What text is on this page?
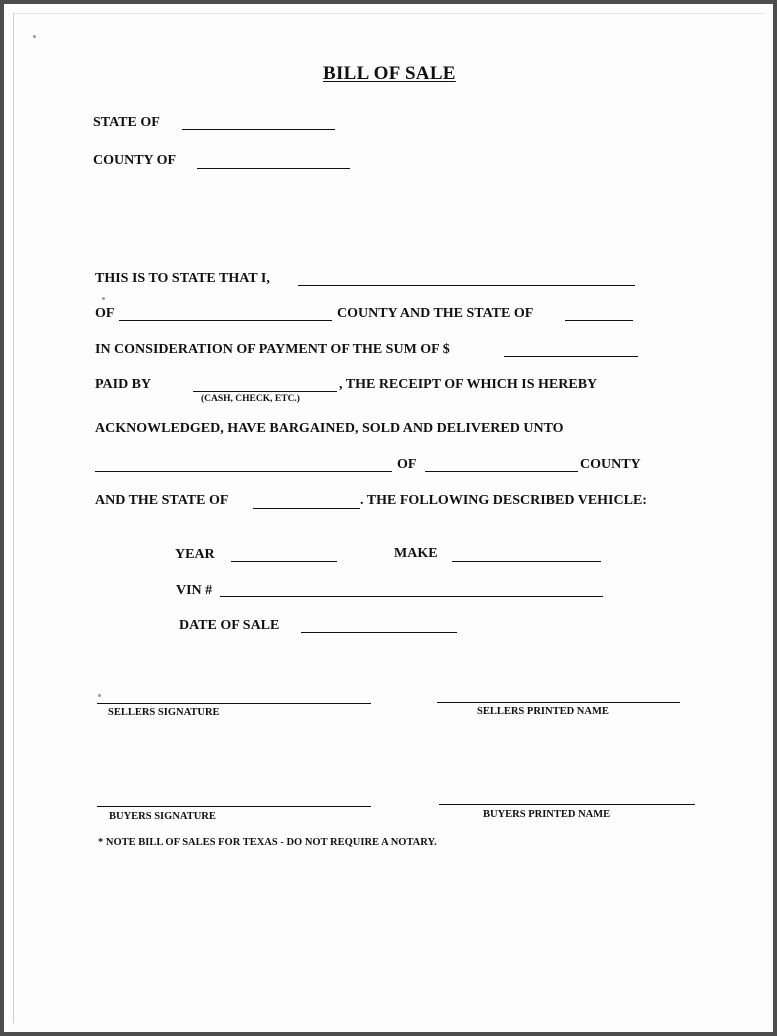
BILL OF SALE
STATE OF
COUNTY OF
THIS IS TO STATE THAT I,
OF	COUNTY AND THE STATE OF
IN CONSIDERATION OF PAYMENT OF THE SUM OF $
PAID BY
(CASH, CHECK, ETC.)
, THE RECEIPT OF WHICH IS HEREBY
ACKNOWLEDGED, HAVE BARGAINED, SOLD AND DELIVERED UNTO
OF	COUNTY
AND THE STATE OF	. THE FOLLOWING DESCRIBED VEHICLE:
YEAR	MAKE
VIN #
DATE OF SALE
SELLERS SIGNATURE	SELLERS PRINTED NAME
BUYERS SIGNATURE	BUYERS PRINTED NAME
* NOTE BILL OF SALES FOR TEXAS - DO NOT REQUIRE A NOTARY.
